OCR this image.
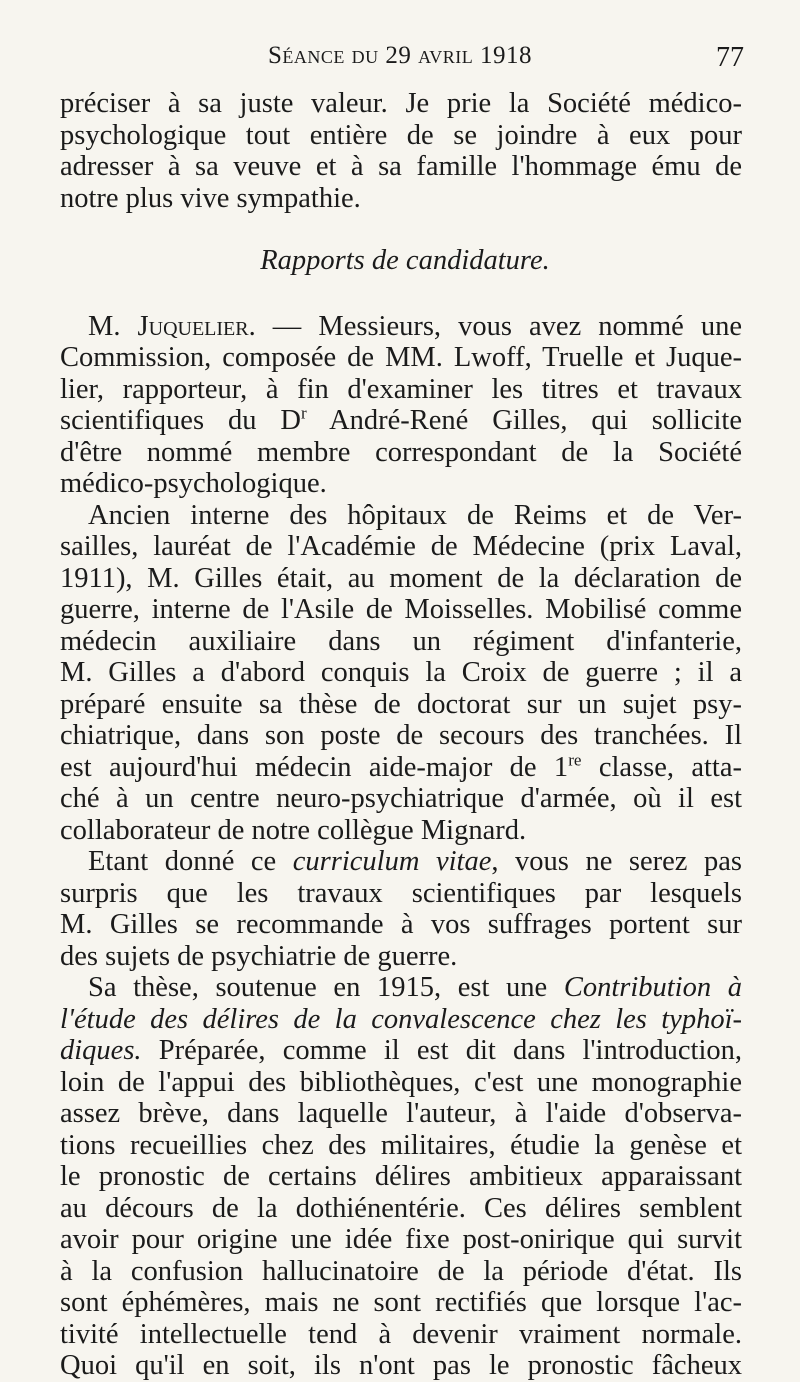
Séance du 29 avril 1918	77
préciser à sa juste valeur. Je prie la Société médico-
psychologique tout entière de se joindre à eux pour
adresser à sa veuve et à sa famille l'hommage ému de
notre plus vive sympathie.
Rapports de candidature.
M. Juquelier. — Messieurs, vous avez nommé une
Commission, composée de MM. Lwoff, Truelle et Juque-
lier, rapporteur, à fin d'examiner les titres et travaux
scientifiques du $D^r$ André-René Gilles, qui sollicite
d'être nommé membre correspondant de la Société
médico-psychologique.
Ancien interne des hôpitaux de Reims et de Ver-
sailles, lauréat de l'Académie de Médecine (prix Laval,
1911), M. Gilles était, au moment de la déclaration de
guerre, interne de l'Asile de Moisselles. Mobilisé comme
médecin auxiliaire dans un régiment d'infanterie,
M. Gilles a d'abord conquis la Croix de guerre ; il a
préparé ensuite sa thèse de doctorat sur un sujet psy-
chiatrique, dans son poste de secours des tranchées. Il
est aujourd'hui médecin aide-major de 1re classe, atta-
ché à un centre neuro-psychiatrique d'armée, où il est
collaborateur de notre collègue Mignard.
Etant donné ce curriculum vitae, vous ne serez pas
surpris que les travaux scientifiques par lesquels
M. Gilles se recommande à vos suffrages portent sur
des sujets de psychiatrie de guerre.
Sa thèse, soutenue en 1915, est une Contribution à
l'étude des délires de la convalescence chez les typhoï-
diques. Préparée, comme il est dit dans l'introduction,
loin de l'appui des bibliothèques, c'est une monographie
assez brève, dans laquelle l'auteur, à l'aide d'observa-
tions recueillies chez des militaires, étudie la genèse et
le pronostic de certains délires ambitieux apparaissant
au décours de la dothiénentérie. Ces délires semblent
avoir pour origine une idée fixe post-onirique qui survit
à la confusion hallucinatoire de la période d'état. Ils
sont éphémères, mais ne sont rectifiés que lorsque l'ac-
tivité intellectuelle tend à devenir vraiment normale.
Quoi qu'il en soit, ils n'ont pas le pronostic fâcheux
